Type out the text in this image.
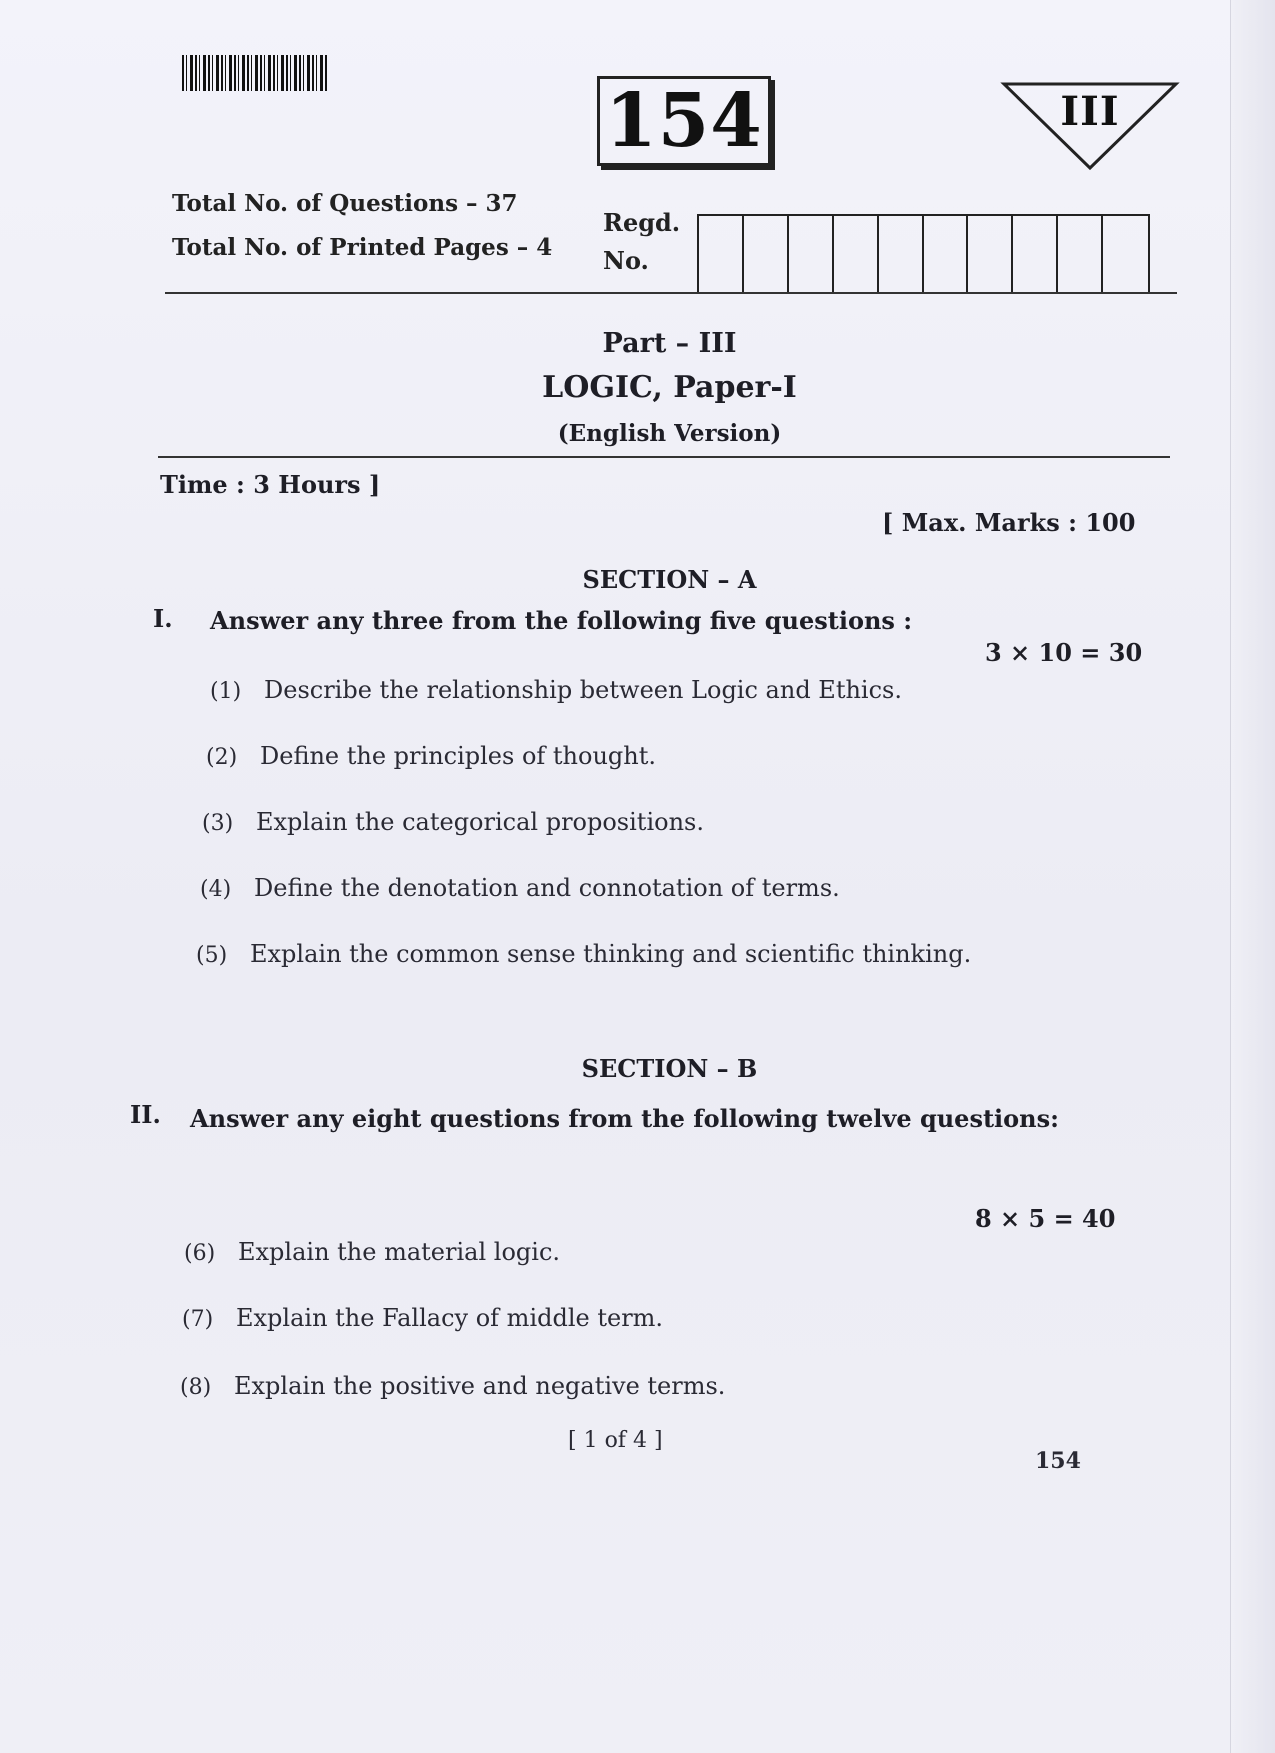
154	III
Total No. of Questions – 37
Total No. of Printed Pages – 4
Regd.
No.
Part – III
LOGIC, Paper-I
(English Version)
Time : 3 Hours ]
[ Max. Marks : 100
SECTION – A
I. Answer any three from the following five questions :
3 × 10 = 30
(1) Describe the relationship between Logic and Ethics.
(2) Define the principles of thought.
(3) Explain the categorical propositions.
(4) Define the denotation and connotation of terms.
(5) Explain the common sense thinking and scientific thinking.
SECTION – B
II. Answer any eight questions from the following twelve questions:
8 × 5 = 40
(6) Explain the material logic.
(7) Explain the Fallacy of middle term.
(8) Explain the positive and negative terms.
[ 1 of 4 ]
154
